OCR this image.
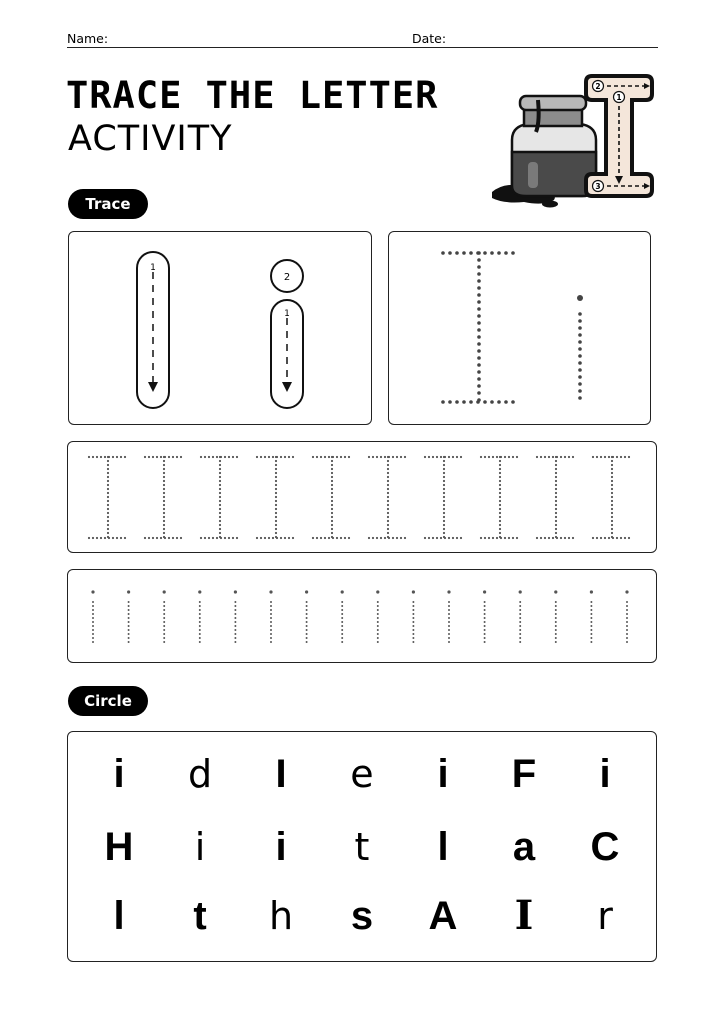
Name:	Date:
TRACE THE LETTER
ACTIVITY
1
2
3
Trace
1
2
1
Circle
i	d	I	e	i	F	i
H	i	i	t	l	a	C
l	t	h	s	A	I	r
